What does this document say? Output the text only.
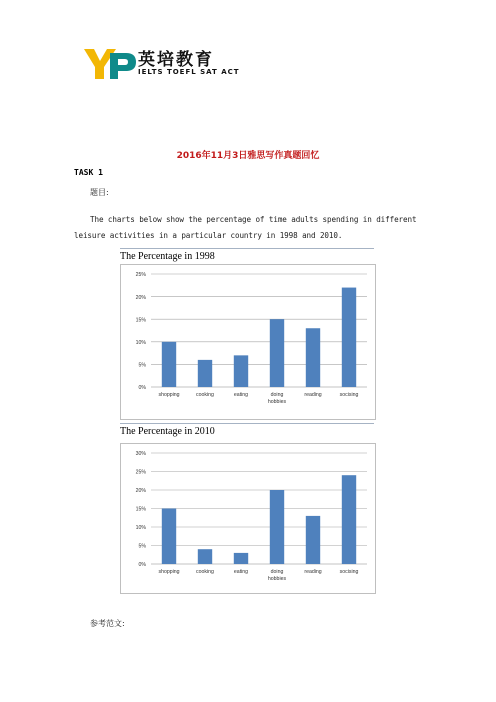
英培教育
IELTS TOEFL SAT ACT
2016年11月3日雅思写作真题回忆
TASK 1
题目:
The charts below show the percentage of time adults spending in different leisure activities in a particular country in 1998 and 2010.
The Percentage in 1998
0%
5%
10%
15%
20%
25%
shopping	cooking	eating	doing
hobbies
reading	socising
The Percentage in 2010
0%
5%
10%
15%
20%
25%
30%
shopping	cooking	eating	doing
hobbies
reading	socising
参考范文:
